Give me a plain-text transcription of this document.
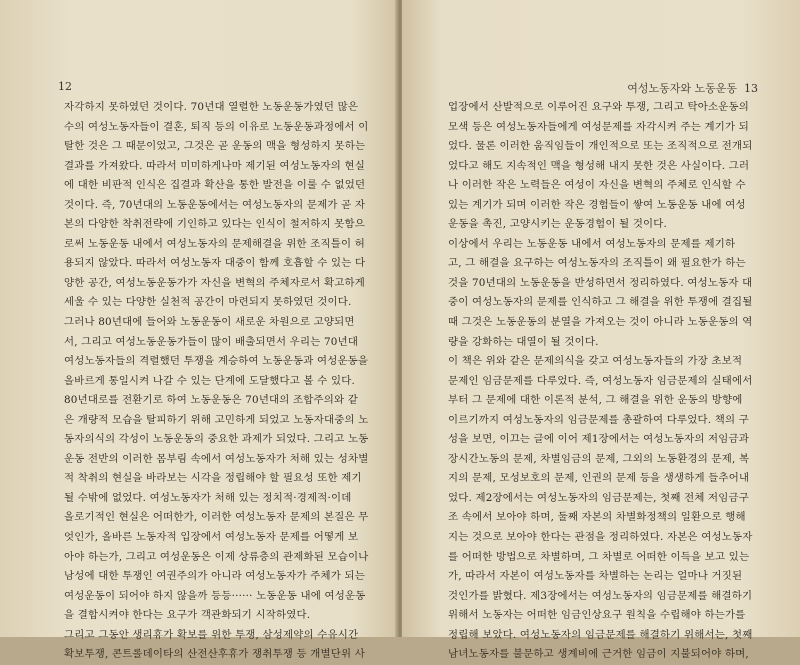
12
자각하지 못하였던 것이다. 70년대 열렬한 노동운동가였던 많은
수의 여성노동자들이 결혼, 퇴직 등의 이유로 노동운동과정에서 이
탈한 것은 그 때문이었고, 그것은 곧 운동의 맥을 형성하지 못하는
결과를 가져왔다. 따라서 미미하게나마 제기된 여성노동자의 현실
에 대한 비판적 인식은 집결과 확산을 통한 발전을 이룰 수 없었던
것이다. 즉, 70년대의 노동운동에서는 여성노동자의 문제가 곧 자
본의 다양한 착취전략에 기인하고 있다는 인식이 철저하지 못함으
로써 노동운동 내에서 여성노동자의 문제해결을 위한 조직틀이 허
용되지 않았다. 따라서 여성노동자 대중이 함께 호흡할 수 있는 다
양한 공간, 여성노동운동가가 자신을 변혁의 주체자로서 확고하게
세울 수 있는 다양한 실천적 공간이 마련되지 못하였던 것이다.
그러나 80년대에 들어와 노동운동이 새로운 차원으로 고양되면
서, 그리고 여성노동운동가들이 많이 배출되면서 우리는 70년대
여성노동자들의 격렬했던 투쟁을 계승하여 노동운동과 여성운동을
올바르게 통일시켜 나갈 수 있는 단계에 도달했다고 볼 수 있다.
80년대로를 전환기로 하여 노동운동은 70년대의 조합주의와 같
은 개량적 모습을 탈피하기 위해 고민하게 되었고 노동자대중의 노
동자의식의 각성이 노동운동의 중요한 과제가 되었다. 그리고 노동
운동 전반의 이러한 몸부림 속에서 여성노동자가 처해 있는 성차별
적 착취의 현실을 바라보는 시각을 정립해야 할 필요성 또한 제기
될 수밖에 없었다. 여성노동자가 처해 있는 정치적·경제적·이데
올로기적인 현실은 어떠한가, 이러한 여성노동자 문제의 본질은 무
엇인가, 올바른 노동자적 입장에서 여성노동자 문제를 어떻게 보
아야 하는가, 그리고 여성운동은 이제 상류층의 관제화된 모습이나
남성에 대한 투쟁인 여권주의가 아니라 여성노동자가 주체가 되는
여성운동이 되어야 하지 않을까 등등······ 노동운동 내에 여성운동
을 결합시켜야 한다는 요구가 객관화되기 시작하였다.
그리고 그동안 생리휴가 확보를 위한 투쟁, 삼성제약의 수유시간
확보투쟁, 콘트롤데이타의 산전산후휴가 쟁취투쟁 등 개별단위 사
여성노동자와 노동운동 13
업장에서 산발적으로 이루어진 요구와 투쟁, 그리고 탁아소운동의
모색 등은 여성노동자들에게 여성문제를 자각시켜 주는 계기가 되
었다. 물론 이러한 움직임들이 개인적으로 또는 조직적으로 전개되
었다고 해도 지속적인 맥을 형성해 내지 못한 것은 사실이다. 그러
나 이러한 작은 노력들은 여성이 자신을 변혁의 주체로 인식할 수
있는 계기가 되며 이러한 작은 경험들이 쌓여 노동운동 내에 여성
운동을 촉진, 고양시키는 운동경험이 될 것이다.
이상에서 우리는 노동운동 내에서 여성노동자의 문제를 제기하
고, 그 해결을 요구하는 여성노동자의 조직틀이 왜 필요한가 하는
것을 70년대의 노동운동을 반성하면서 정리하였다. 여성노동자 대
중이 여성노동자의 문제를 인식하고 그 해결을 위한 투쟁에 결집될
때 그것은 노동운동의 분열을 가져오는 것이 아니라 노동운동의 역
량을 강화하는 대열이 될 것이다.
이 책은 위와 같은 문제의식을 갖고 여성노동자들의 가장 초보적
문제인 임금문제를 다루었다. 즉, 여성노동자 임금문제의 실태에서
부터 그 문제에 대한 이론적 분석, 그 해결을 위한 운동의 방향에
이르기까지 여성노동자의 임금문제를 총괄하여 다루었다. 책의 구
성을 보면, 이끄는 글에 이어 제1장에서는 여성노동자의 저임금과
장시간노동의 문제, 차별임금의 문제, 그외의 노동환경의 문제, 복
지의 문제, 모성보호의 문제, 인권의 문제 등을 생생하게 들추어내
었다. 제2장에서는 여성노동자의 임금문제는, 첫째 전체 저임금구
조 속에서 보아야 하며, 둘째 자본의 차별화정책의 일환으로 행해
지는 것으로 보아야 한다는 관점을 정리하였다. 자본은 여성노동자
를 어떠한 방법으로 차별하며, 그 차별로 어떠한 이득을 보고 있는
가, 따라서 자본이 여성노동자를 차별하는 논리는 얼마나 거짓된
것인가를 밝혔다. 제3장에서는 여성노동자의 임금문제를 해결하기
위해서 노동자는 어떠한 임금인상요구 원칙을 수립해야 하는가를
정립해 보았다. 여성노동자의 임금문제를 해결하기 위해서는, 첫째
남녀노동자를 불문하고 생계비에 근거한 임금이 지불되어야 하며,
